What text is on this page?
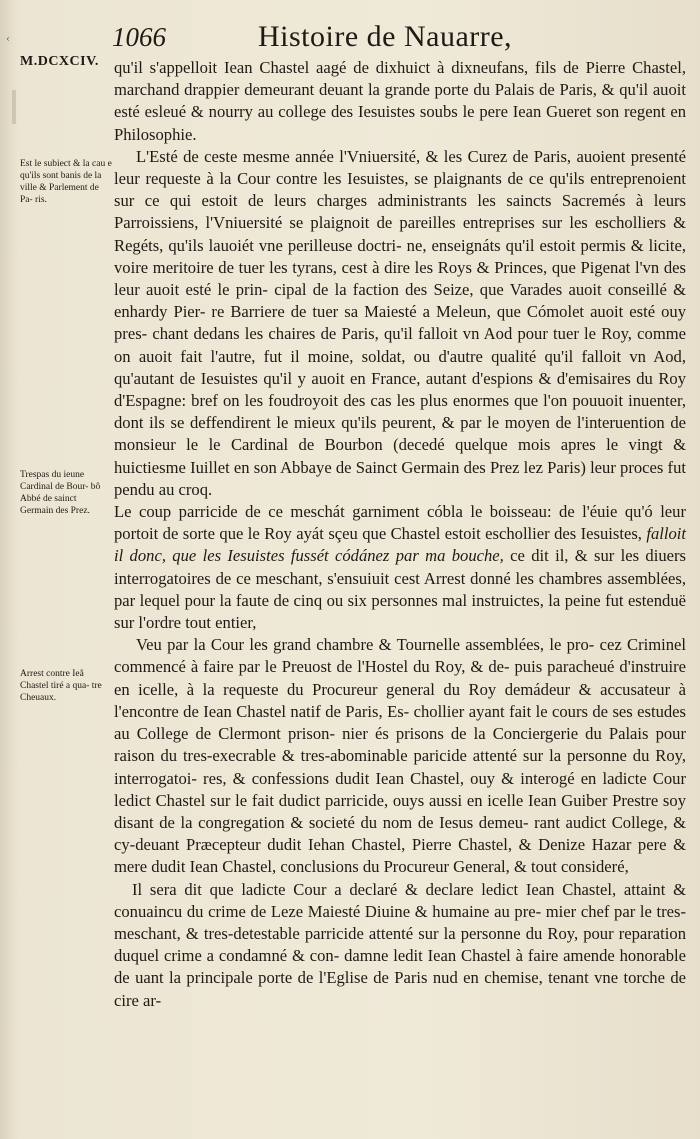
‹	1066	Histoire de Nauarre,
M.DCXCIV.
Est le subiect & la cau e qu'ils sont banis de la ville & Parlement de Pa- ris.
Trespas du ieune Cardinal de Bour- bô Abbé de sainct Germain des Prez.
Arrest contre Ieã Chastel tiré a qua- tre Cheuaux.

qu'il s'appelloit Iean Chastel aagé de dixhuict à dixneufans, fils de Pierre Chastel, marchand drappier demeurant deuant la grande porte du Palais de Paris, & qu'il auoit esté esleué & nourry au college des Iesuistes soubs le pere Iean Gueret son regent en Philosophie.

L'Esté de ceste mesme année l'Vniuersité, & les Curez de Paris, auoient presenté leur requeste à la Cour contre les Iesuistes, se plaignants de ce qu'ils entreprenoient sur ce qui estoit de leurs charges administrants les saincts Sacremés à leurs Parroissiens, l'Vniuersité se plaignoit de pareilles entreprises sur les escholliers & Regéts, qu'ils lauoiét vne perilleuse doctri- ne, enseignáts qu'il estoit permis & licite, voire meritoire de tuer les tyrans, cest à dire les Roys & Princes, que Pigenat l'vn des leur auoit esté le prin- cipal de la faction des Seize, que Varades auoit conseillé & enhardy Pier- re Barriere de tuer sa Maiesté a Meleun, que Cómolet auoit esté ouy pres- chant dedans les chaires de Paris, qu'il falloit vn Aod pour tuer le Roy, comme on auoit fait l'autre, fut il moine, soldat, ou d'autre qualité qu'il falloit vn Aod, qu'autant de Iesuistes qu'il y auoit en France, autant d'espions & d'emisaires du Roy d'Espagne: bref on les foudroyoit des cas les plus enormes que l'on pouuoit inuenter, dont ils se deffendirent le mieux qu'ils peurent, & par le moyen de l'interuention de monsieur le le Cardinal de Bourbon (decedé quelque mois apres le vingt & huictiesme Iuillet en son Abbaye de Sainct Germain des Prez lez Paris) leur proces fut pendu au croq.

Le coup parricide de ce meschát garniment cóbla le boisseau: de l'éuie qu'ó leur portoit de sorte que le Roy ayát sçeu que Chastel estoit eschollier des Iesuistes, falloit il donc, que les Iesuistes fussét códánez par ma bouche, ce dit il, & sur les diuers interrogatoires de ce meschant, s'ensuiuit cest Arrest donné les chambres assemblées, par lequel pour la faute de cinq ou six personnes mal instruictes, la peine fut estenduë sur l'ordre tout entier,

Veu par la Cour les grand chambre & Tournelle assemblées, le pro- cez Criminel commencé à faire par le Preuost de l'Hostel du Roy, & de- puis paracheué d'instruire en icelle, à la requeste du Procureur general du Roy demádeur & accusateur à l'encontre de Iean Chastel natif de Paris, Es- chollier ayant fait le cours de ses estudes au College de Clermont prison- nier és prisons de la Conciergerie du Palais pour raison du tres-execrable & tres-abominable paricide attenté sur la personne du Roy, interrogatoi- res, & confessions dudit Iean Chastel, ouy & interogé en ladicte Cour ledict Chastel sur le fait dudict parricide, ouys aussi en icelle Iean Guiber Prestre soy disant de la congregation & societé du nom de Iesus demeu- rant audict College, & cy-deuant Præcepteur dudit Iehan Chastel, Pierre Chastel, & Denize Hazar pere & mere dudit Iean Chastel, conclusions du Procureur General, & tout consideré,

Il sera dit que ladicte Cour a declaré & declare ledict Iean Chastel, attaint & conuaincu du crime de Leze Maiesté Diuine & humaine au pre- mier chef par le tres-meschant, & tres-detestable parricide attenté sur la personne du Roy, pour reparation duquel crime a condamné & con- damne ledit Iean Chastel à faire amende honorable de uant la principale porte de l'Eglise de Paris nud en chemise, tenant vne torche de cire ar-
